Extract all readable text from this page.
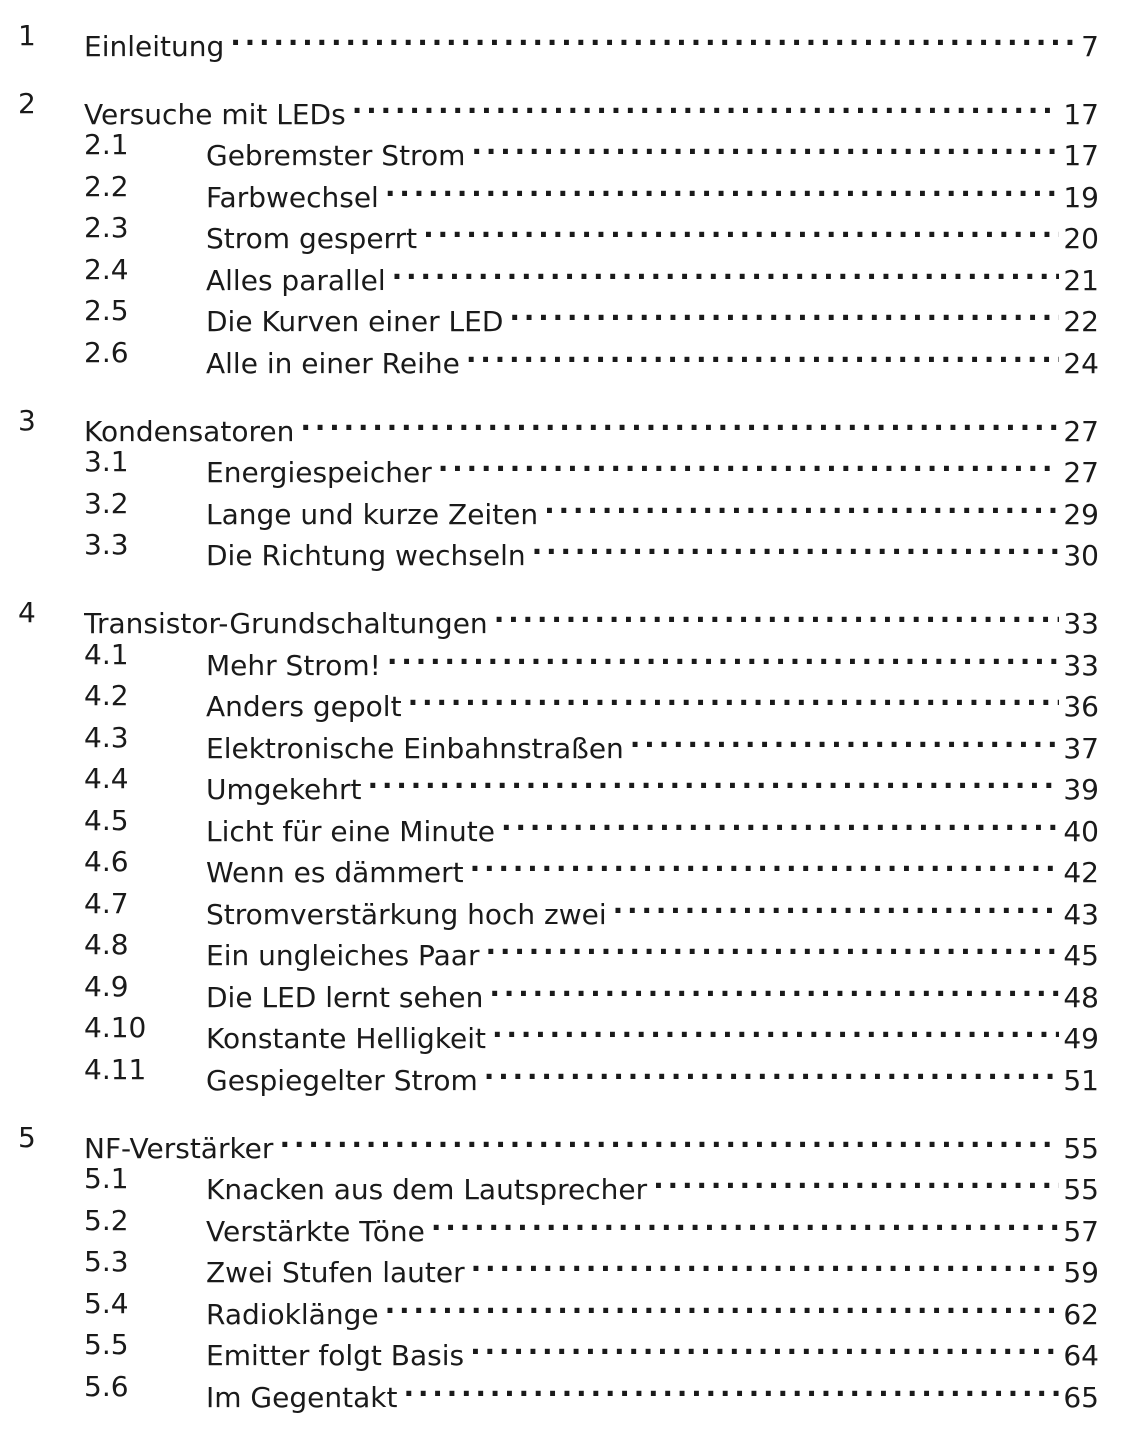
1 Einleitung . . .	7
2 Versuche mit LEDs . . .	17
2.1	Gebremster Strom . . .	17
2.2	Farbwechsel . . .	19
2.3	Strom gesperrt . . .	20
2.4	Alles parallel . . .	21
2.5	Die Kurven einer LED . . .	22
2.6	Alle in einer Reihe . . .	24
3 Kondensatoren . . .	27
3.1	Energiespeicher . . .	27
3.2	Lange und kurze Zeiten . . .	29
3.3	Die Richtung wechseln . . .	30
4 Transistor-Grundschaltungen . . .	33
4.1	Mehr Strom! . . .	33
4.2	Anders gepolt . . .	36
4.3	Elektronische Einbahnstraßen . . .	37
4.4	Umgekehrt . . .	39
4.5	Licht für eine Minute . . .	40
4.6	Wenn es dämmert . . .	42
4.7	Stromverstärkung hoch zwei . . .	43
4.8	Ein ungleiches Paar . . .	45
4.9	Die LED lernt sehen . . .	48
4.10 Konstante Helligkeit . . .	49
4.11 Gespiegelter Strom . . .	51
5 NF-Verstärker . . .	55
5.1	Knacken aus dem Lautsprecher . . .	55
5.2	Verstärkte Töne . . .	57
5.3	Zwei Stufen lauter . . .	59
5.4	Radioklänge . . .	62
5.5	Emitter folgt Basis . . .	64
5.6	Im Gegentakt . . .	65
